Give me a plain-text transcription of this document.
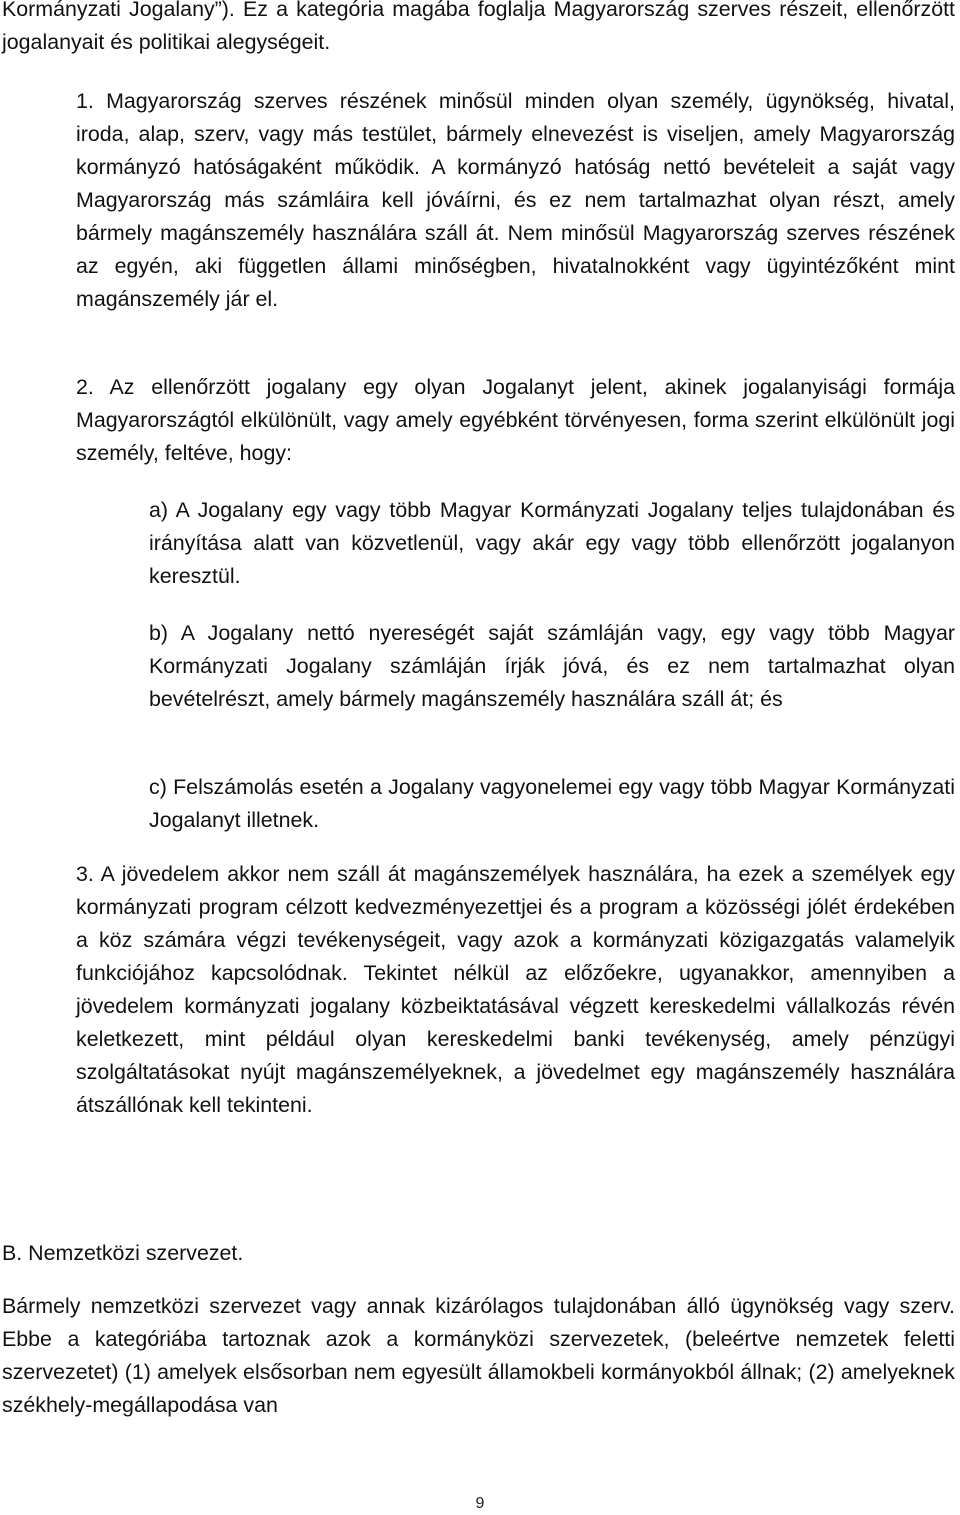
Kormányzati Jogalany”). Ez a kategória magába foglalja Magyarország szerves részeit, ellenőrzött jogalanyait és politikai alegységeit.

1. Magyarország szerves részének minősül minden olyan személy, ügynökség, hivatal, iroda, alap, szerv, vagy más testület, bármely elnevezést is viseljen, amely Magyarország kormányzó hatóságaként működik. A kormányzó hatóság nettó bevételeit a saját vagy Magyarország más számláira kell jóváírni, és ez nem tartalmazhat olyan részt, amely bármely magánszemély használára száll át. Nem minősül Magyarország szerves részének az egyén, aki független állami minőségben, hivatalnokként vagy ügyintézőként mint magánszemély jár el.

2. Az ellenőrzött jogalany egy olyan Jogalanyt jelent, akinek jogalanyisági formája Magyarországtól elkülönült, vagy amely egyébként törvényesen, forma szerint elkülönült jogi személy, feltéve, hogy:

a) A Jogalany egy vagy több Magyar Kormányzati Jogalany teljes tulajdonában és irányítása alatt van közvetlenül, vagy akár egy vagy több ellenőrzött jogalanyon keresztül.

b) A Jogalany nettó nyereségét saját számláján vagy, egy vagy több Magyar Kormányzati Jogalany számláján írják jóvá, és ez nem tartalmazhat olyan bevételrészt, amely bármely magánszemély használára száll át; és

c) Felszámolás esetén a Jogalany vagyonelemei egy vagy több Magyar Kormányzati Jogalanyt illetnek.

3. A jövedelem akkor nem száll át magánszemélyek használára, ha ezek a személyek egy kormányzati program célzott kedvezményezettjei és a program a közösségi jólét érdekében a köz számára végzi tevékenységeit, vagy azok a kormányzati közigazgatás valamelyik funkciójához kapcsolódnak. Tekintet nélkül az előzőekre, ugyanakkor, amennyiben a jövedelem kormányzati jogalany közbeiktatásával végzett kereskedelmi vállalkozás révén keletkezett, mint például olyan kereskedelmi banki tevékenység, amely pénzügyi szolgáltatásokat nyújt magánszemélyeknek, a jövedelmet egy magánszemély használára átszállónak kell tekinteni.

B. Nemzetközi szervezet.

Bármely nemzetközi szervezet vagy annak kizárólagos tulajdonában álló ügynökség vagy szerv. Ebbe a kategóriába tartoznak azok a kormányközi szervezetek, (beleértve nemzetek feletti szervezetet) (1) amelyek elsősorban nem egyesült államokbeli kormányokból állnak; (2) amelyeknek székhely-megállapodása van

9
